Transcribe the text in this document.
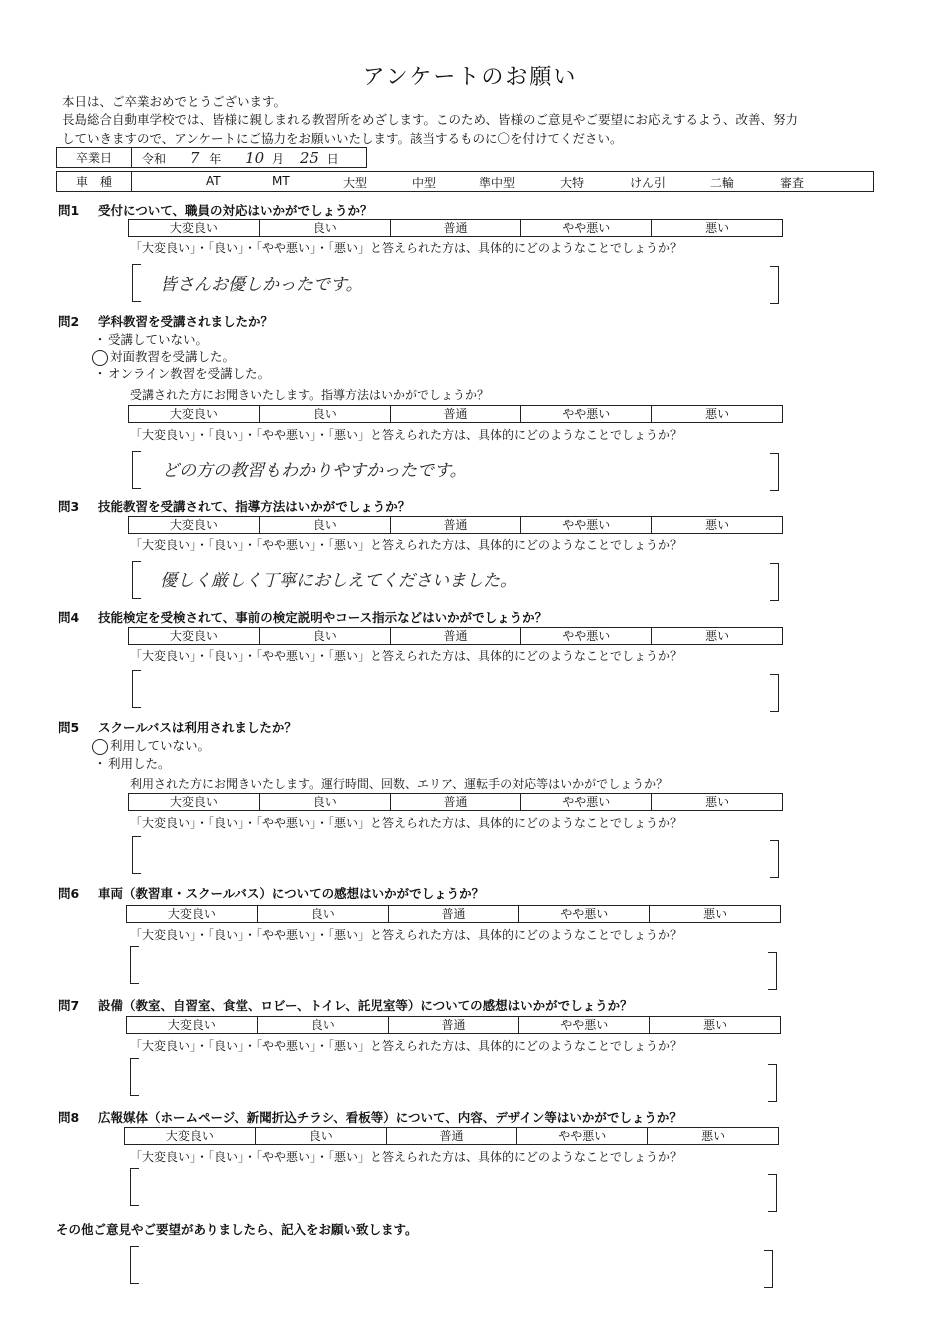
アンケートのお願い
本日は、ご卒業おめでとうございます。
長島総合自動車学校では、皆様に親しまれる教習所をめざします。このため、皆様のご意見やご要望にお応えするよう、改善、努力
していきますので、アンケートにご協力をお願いいたします。該当するものに〇を付けてください。
卒業日	令和 7 年 10 月 25 日
車　種	AT	MT	大型	中型	準中型	大特	けん引	二輪	審査
問1 受付について、職員の対応はいかがでしょうか？
大変良い	良い	普通	やや悪い	悪い
「大変良い」・「良い」・「やや悪い」・「悪い」と答えられた方は、具体的にどのようなことでしょうか？
皆さんお優しかったです。
問2 学科教習を受講されましたか？
・ 受講していない。
対面教習を受講した。
・ オンライン教習を受講した。
受講された方にお聞きいたします。指導方法はいかがでしょうか？
大変良い	良い	普通	やや悪い	悪い
「大変良い」・「良い」・「やや悪い」・「悪い」と答えられた方は、具体的にどのようなことでしょうか？
どの方の教習もわかりやすかったです。
問3 技能教習を受講されて、指導方法はいかがでしょうか？
大変良い	良い	普通	やや悪い	悪い
「大変良い」・「良い」・「やや悪い」・「悪い」と答えられた方は、具体的にどのようなことでしょうか？
優しく厳しく丁寧におしえてくださいました。
問4 技能検定を受検されて、事前の検定説明やコース指示などはいかがでしょうか？
大変良い	良い	普通	やや悪い	悪い
「大変良い」・「良い」・「やや悪い」・「悪い」と答えられた方は、具体的にどのようなことでしょうか？
問5 スクールバスは利用されましたか？
利用していない。
・ 利用した。
利用された方にお聞きいたします。運行時間、回数、エリア、運転手の対応等はいかがでしょうか？
大変良い	良い	普通	やや悪い	悪い
「大変良い」・「良い」・「やや悪い」・「悪い」と答えられた方は、具体的にどのようなことでしょうか？
問6 車両（教習車・スクールバス）についての感想はいかがでしょうか？
大変良い	良い	普通	やや悪い	悪い
「大変良い」・「良い」・「やや悪い」・「悪い」と答えられた方は、具体的にどのようなことでしょうか？
問7 設備（教室、自習室、食堂、ロビー、トイレ、託児室等）についての感想はいかがでしょうか？
大変良い	良い	普通	やや悪い	悪い
「大変良い」・「良い」・「やや悪い」・「悪い」と答えられた方は、具体的にどのようなことでしょうか？
問8 広報媒体（ホームページ、新聞折込チラシ、看板等）について、内容、デザイン等はいかがでしょうか？
大変良い	良い	普通	やや悪い	悪い
「大変良い」・「良い」・「やや悪い」・「悪い」と答えられた方は、具体的にどのようなことでしょうか？
その他ご意見やご要望がありましたら、記入をお願い致します。
